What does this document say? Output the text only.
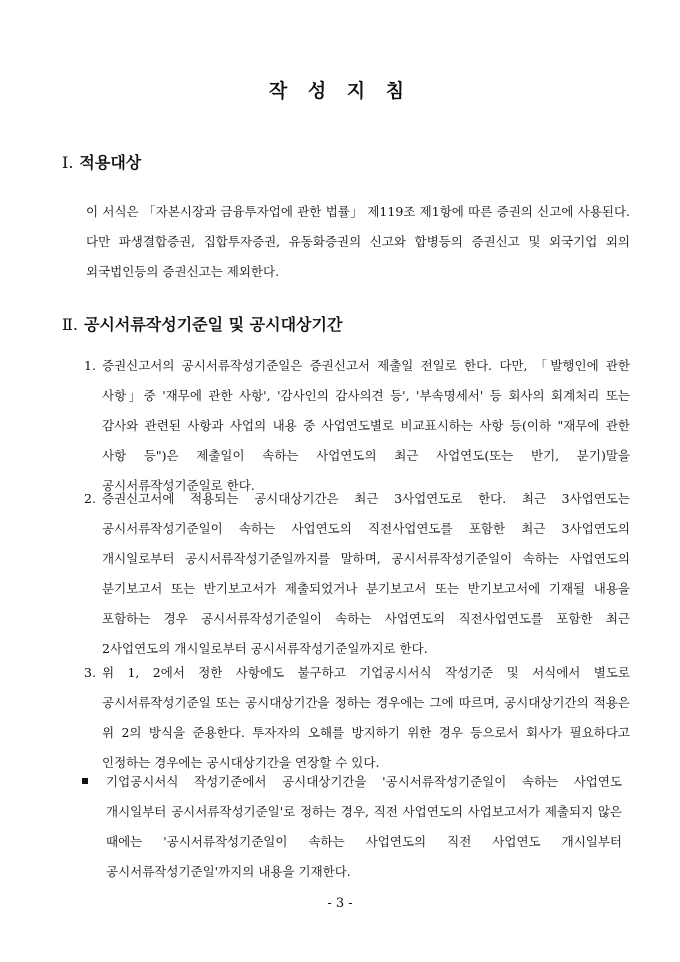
작 성 지 침
Ⅰ. 적용대상
이 서식은 「자본시장과 금융투자업에 관한 법률」 제119조 제1항에 따른 증권의 신고에 사용된다. 다만 파생결합증권, 집합투자증권, 유동화증권의 신고와 합병등의 증권신고 및 외국기업 외의 외국법인등의 증권신고는 제외한다.
Ⅱ. 공시서류작성기준일 및 공시대상기간
1. 증권신고서의 공시서류작성기준일은 증권신고서 제출일 전일로 한다. 다만, 「발행인에 관한 사항」중 '재무에 관한 사항', '감사인의 감사의견 등', '부속명세서' 등 회사의 회계처리 또는 감사와 관련된 사항과 사업의 내용 중 사업연도별로 비교표시하는 사항 등(이하 "재무에 관한 사항 등")은 제출일이 속하는 사업연도의 최근 사업연도(또는 반기, 분기)말을 공시서류작성기준일로 한다.
2. 증권신고서에 적용되는 공시대상기간은 최근 3사업연도로 한다. 최근 3사업연도는 공시서류작성기준일이 속하는 사업연도의 직전사업연도를 포함한 최근 3사업연도의 개시일로부터 공시서류작성기준일까지를 말하며, 공시서류작성기준일이 속하는 사업연도의 분기보고서 또는 반기보고서가 제출되었거나 분기보고서 또는 반기보고서에 기재될 내용을 포함하는 경우 공시서류작성기준일이 속하는 사업연도의 직전사업연도를 포함한 최근 2사업연도의 개시일로부터 공시서류작성기준일까지로 한다.
3. 위 1, 2에서 정한 사항에도 불구하고 기업공시서식 작성기준 및 서식에서 별도로 공시서류작성기준일 또는 공시대상기간을 정하는 경우에는 그에 따르며, 공시대상기간의 적용은 위 2의 방식을 준용한다. 투자자의 오해를 방지하기 위한 경우 등으로서 회사가 필요하다고 인정하는 경우에는 공시대상기간을 연장할 수 있다.
기업공시서식 작성기준에서 공시대상기간을 '공시서류작성기준일이 속하는 사업연도 개시일부터 공시서류작성기준일'로 정하는 경우, 직전 사업연도의 사업보고서가 제출되지 않은 때에는 '공시서류작성기준일이 속하는 사업연도의 직전 사업연도 개시일부터 공시서류작성기준일'까지의 내용을 기재한다.
- 3 -
